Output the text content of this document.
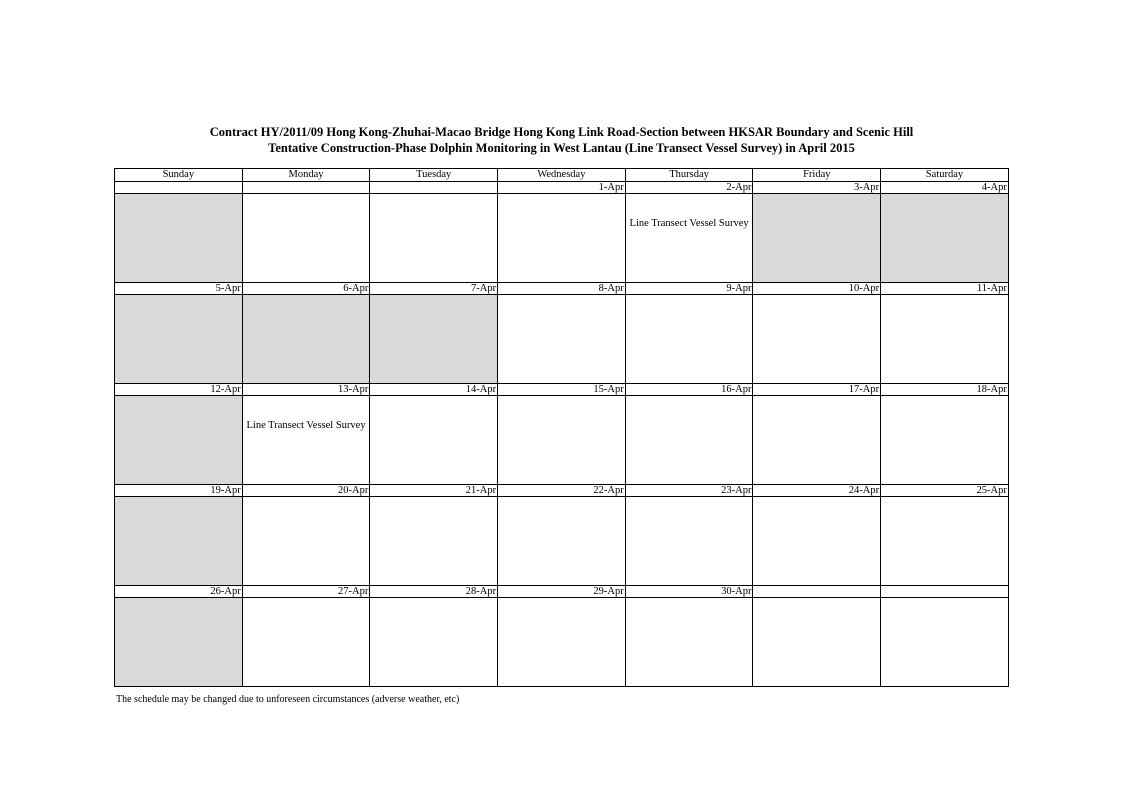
Contract HY/2011/09 Hong Kong-Zhuhai-Macao Bridge Hong Kong Link Road-Section between HKSAR Boundary and Scenic Hill
Tentative Construction-Phase Dolphin Monitoring in West Lantau (Line Transect Vessel Survey) in April 2015
Sunday	Monday	Tuesday	Wednesday	Thursday	Friday	Saturday
			1-Apr	2-Apr	3-Apr	4-Apr

				Line Transect Vessel Survey		

5-Apr	6-Apr	7-Apr	8-Apr	9-Apr	10-Apr	11-Apr

12-Apr	13-Apr	14-Apr	15-Apr	16-Apr	17-Apr	18-Apr

	Line Transect Vessel Survey					

19-Apr	20-Apr	21-Apr	22-Apr	23-Apr	24-Apr	25-Apr

26-Apr	27-Apr	28-Apr	29-Apr	30-Apr		

The schedule may be changed due to unforeseen circumstances (adverse weather, etc)
